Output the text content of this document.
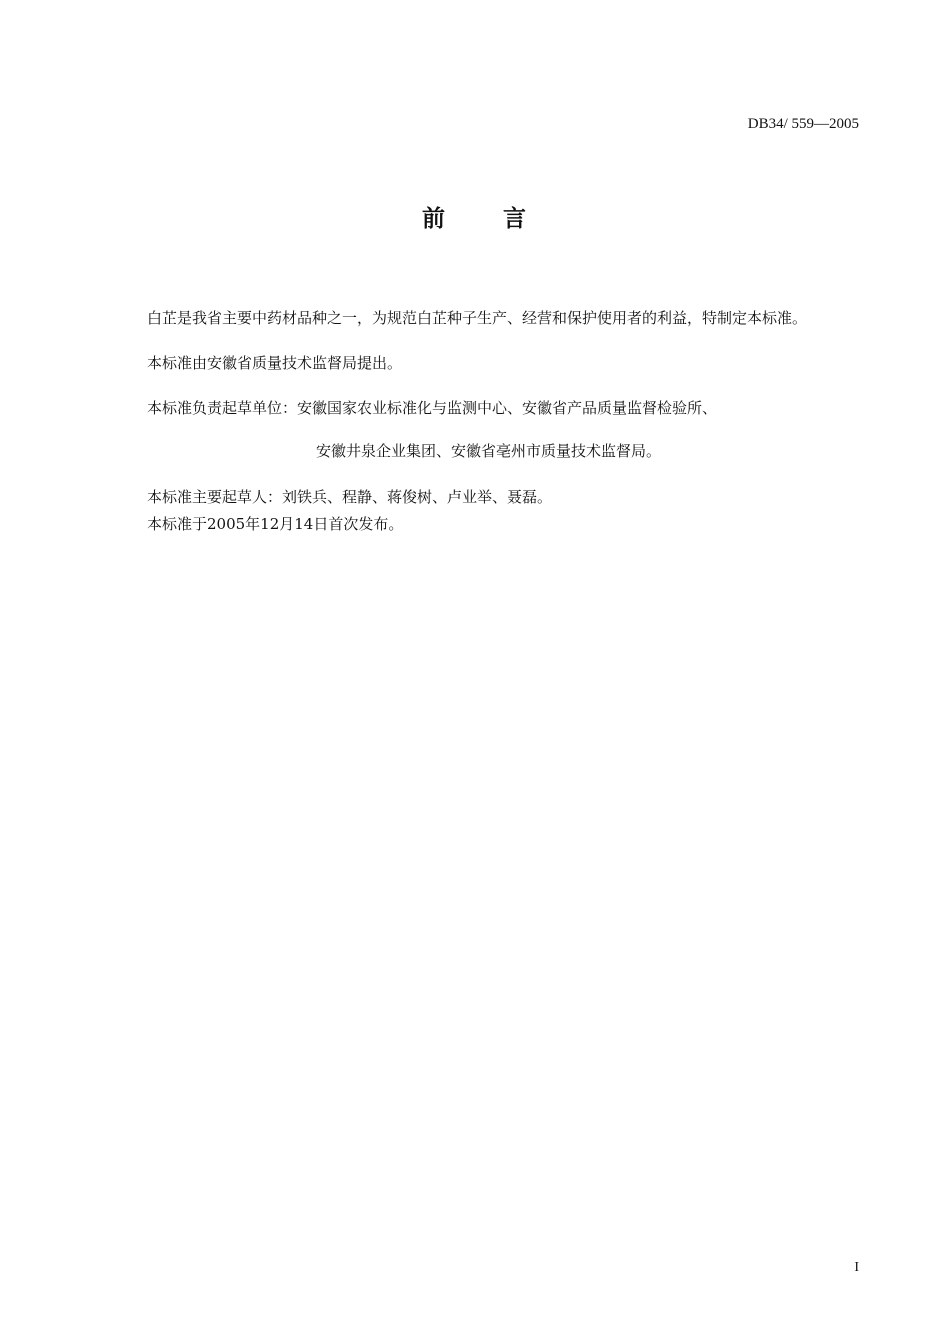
DB34/ 559—2005
前 言
白芷是我省主要中药材品种之一，为规范白芷种子生产、经营和保护使用者的利益，特制定本标准。
本标准由安徽省质量技术监督局提出。
本标准负责起草单位：安徽国家农业标准化与监测中心、安徽省产品质量监督检验所、
安徽井泉企业集团、安徽省亳州市质量技术监督局。
本标准主要起草人：刘铁兵、程静、蒋俊树、卢业举、聂磊。
本标准于2005年12月14日首次发布。
I
